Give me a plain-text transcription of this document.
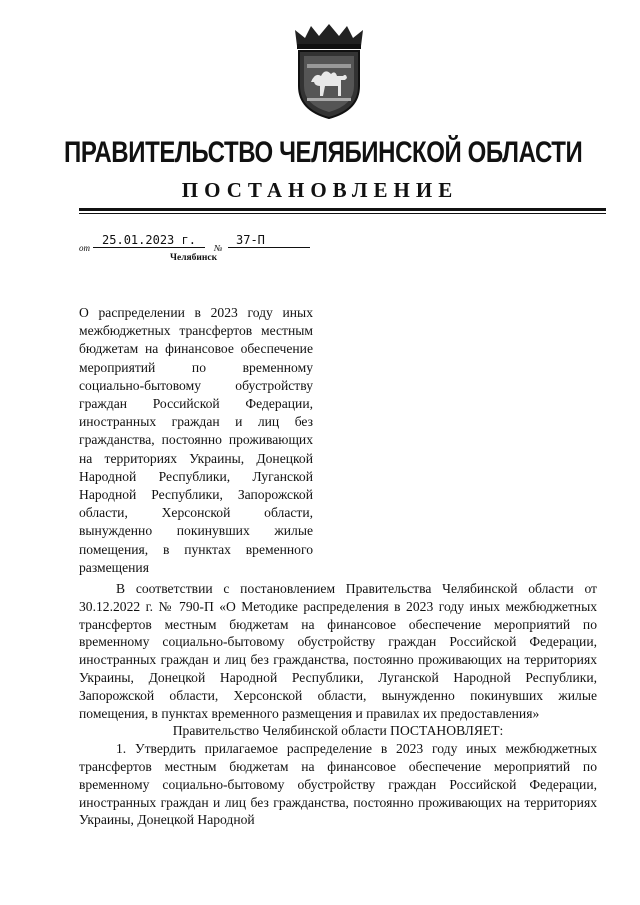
ПРАВИТЕЛЬСТВО ЧЕЛЯБИНСКОЙ ОБЛАСТИ
ПОСТАНОВЛЕНИЕ
от
25.01.2023 г.
№
37-П
Челябинск
О распределении в 2023 году иных межбюджетных трансфертов местным бюджетам на финансовое обеспечение мероприятий по временному социально-бытовому обустройству граждан Российской Федерации, иностранных граждан и лиц без гражданства, постоянно проживающих на территориях Украины, Донецкой Народной Республики, Луганской Народной Республики, Запорожской области, Херсонской области, вынужденно покинувших жилые помещения, в пунктах временного размещения

В соответствии с постановлением Правительства Челябинской области от 30.12.2022 г. № 790-П «О Методике распределения в 2023 году иных межбюджетных трансфертов местным бюджетам на финансовое обеспечение мероприятий по временному социально-бытовому обустройству граждан Российской Федерации, иностранных граждан и лиц без гражданства, постоянно проживающих на территориях Украины, Донецкой Народной Республики, Луганской Народной Республики, Запорожской области, Херсонской области, вынужденно покинувших жилые помещения, в пунктах временного размещения и правилах их предоставления»

Правительство Челябинской области ПОСТАНОВЛЯЕТ:

1. Утвердить прилагаемое распределение в 2023 году иных межбюджетных трансфертов местным бюджетам на финансовое обеспечение мероприятий по временному социально-бытовому обустройству граждан Российской Федерации, иностранных граждан и лиц без гражданства, постоянно проживающих на территориях Украины, Донецкой Народной
